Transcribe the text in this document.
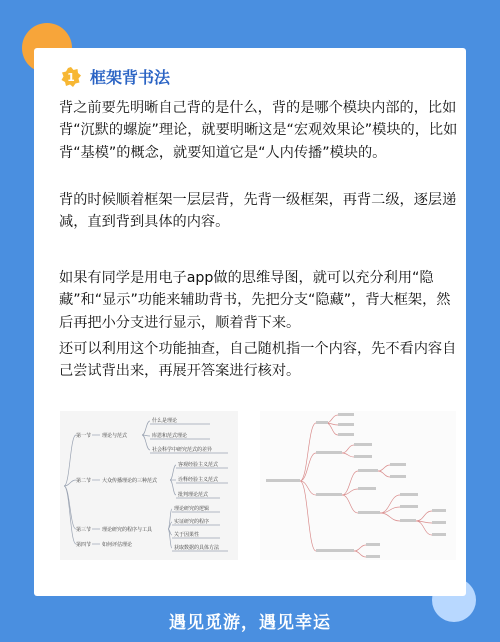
1 框架背书法
背之前要先明晰自己背的是什么，背的是哪个模块内部的，比如背“沉默的螺旋”理论，就要明晰这是“宏观效果论”模块的，比如背“基模”的概念，就要知道它是“人内传播”模块的。
背的时候顺着框架一层层背，先背一级框架，再背二级，逐层递减，直到背到具体的内容。
如果有同学是用电子app做的思维导图，就可以充分利用“隐藏”和“显示”功能来辅助背书，先把分支“隐藏”，背大框架，然后再把小分支进行显示，顺着背下来。
还可以利用这个功能抽查，自己随机指一个内容，先不看内容自己尝试背出来，再展开答案进行核对。
第一节
第二节
第三节
第四节
理论与范式
大众传播理论的三种范式
理论研究的程序与工具
如何评估理论
什么是理论
库恩和范式理论
社会科学中研究范式的差异
客观经验主义范式
诠释经验主义范式
批判理论范式
理论研究的逻辑
实证研究的程序
关于因果性
获取数据的具体方法
遇见觅游，遇见幸运
